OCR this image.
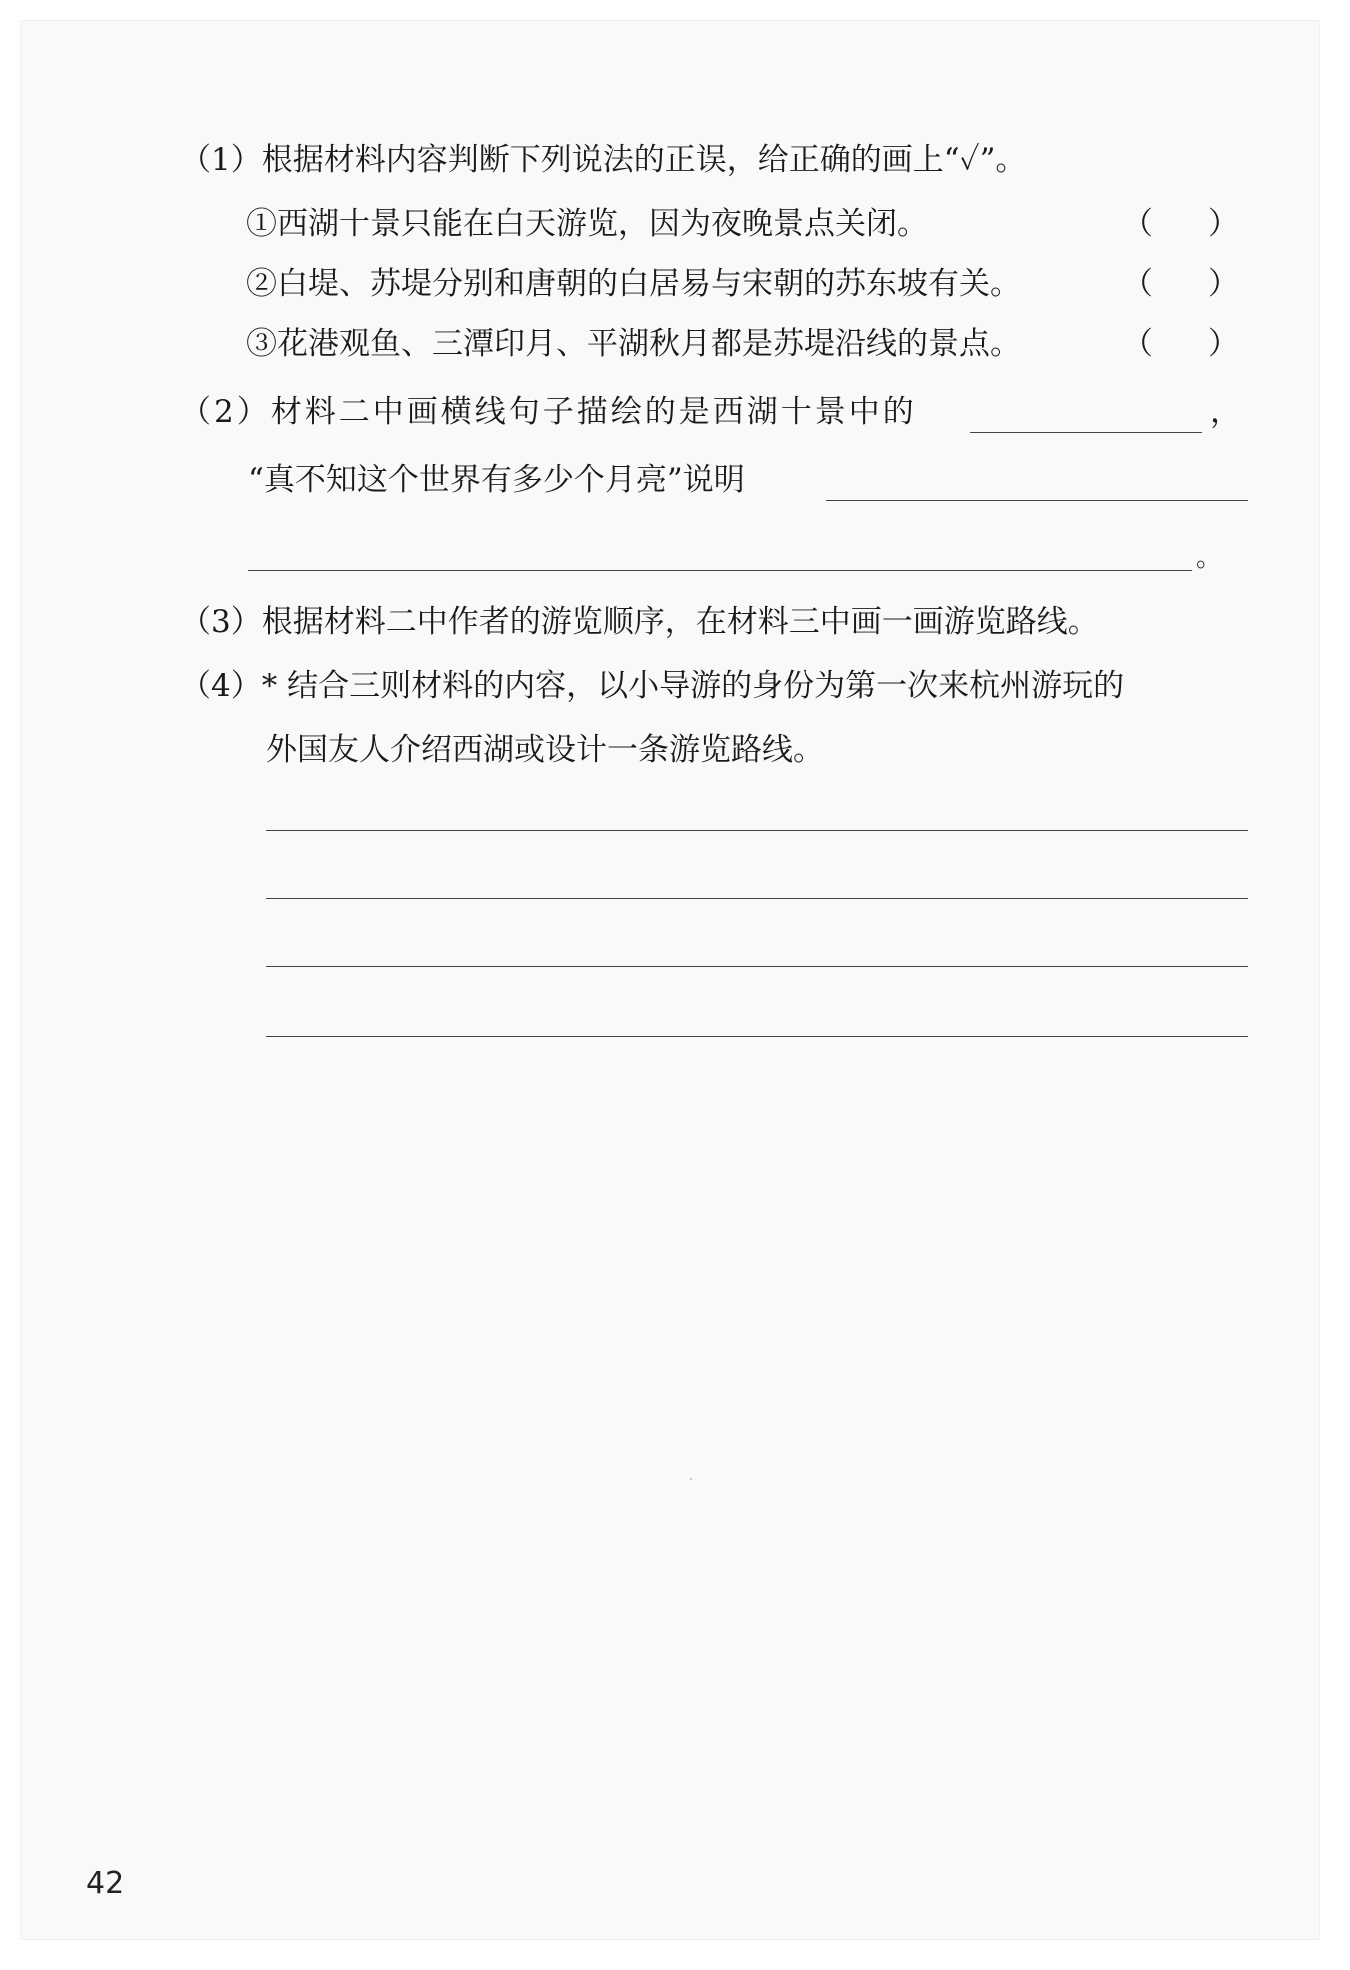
（1）根据材料内容判断下列说法的正误，给正确的画上“✓”。
①西湖十景只能在白天游览，因为夜晚景点关闭。	（ ）
②白堤、苏堤分别和唐朝的白居易与宋朝的苏东坡有关。	（ ）
③花港观鱼、三潭印月、平湖秋月都是苏堤沿线的景点。	（ ）
（2）材料二中画横线句子描绘的是西湖十景中的	，
“真不知这个世界有多少个月亮”说明
。
（3）根据材料二中作者的游览顺序，在材料三中画一画游览路线。
（4）* 结合三则材料的内容，以小导游的身份为第一次来杭州游玩的
外国友人介绍西湖或设计一条游览路线。
42
